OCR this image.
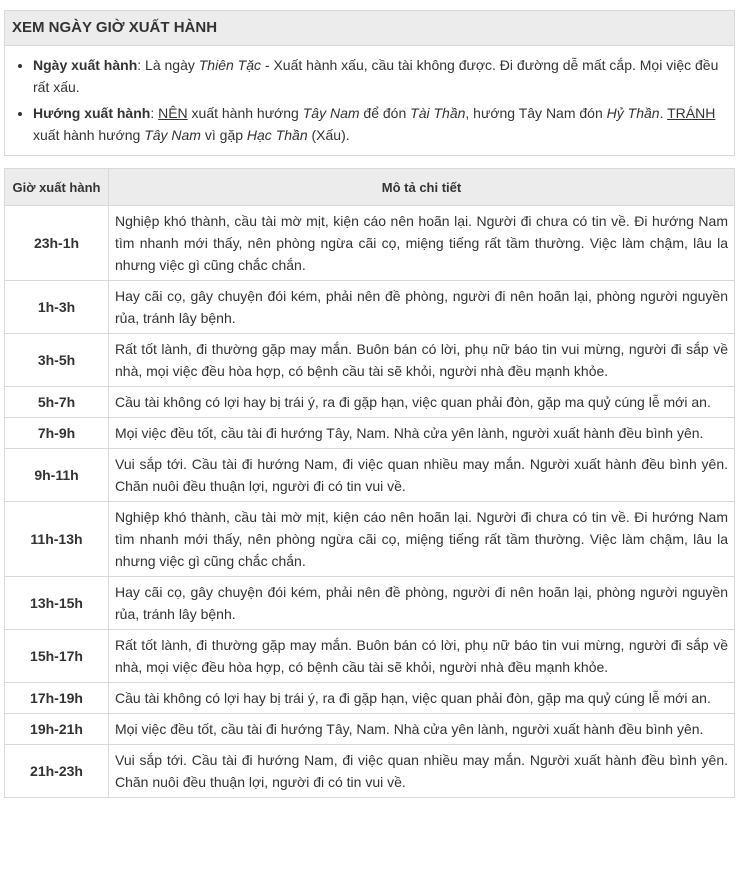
XEM NGÀY GIỜ XUẤT HÀNH
• Ngày xuất hành: Là ngày Thiên Tặc - Xuất hành xấu, cầu tài không được. Đi đường dễ mất cắp. Mọi việc đều rất xấu.
• Hướng xuất hành: NÊN xuất hành hướng Tây Nam để đón Tài Thần, hướng Tây Nam đón Hỷ Thần. TRÁNH xuất hành hướng Tây Nam vì gặp Hạc Thần (Xấu).
Giờ xuất hành	Mô tả chi tiết
23h-1h	Nghiệp khó thành, cầu tài mờ mịt, kiện cáo nên hoãn lại. Người đi chưa có tin về. Đi hướng Nam tìm nhanh mới thấy, nên phòng ngừa cãi cọ, miệng tiếng rất tầm thường. Việc làm chậm, lâu la nhưng việc gì cũng chắc chắn.
1h-3h	Hay cãi cọ, gây chuyện đói kém, phải nên đề phòng, người đi nên hoãn lại, phòng người nguyền rủa, tránh lây bệnh.
3h-5h	Rất tốt lành, đi thường gặp may mắn. Buôn bán có lời, phụ nữ báo tin vui mừng, người đi sắp về nhà, mọi việc đều hòa hợp, có bệnh cầu tài sẽ khỏi, người nhà đều mạnh khỏe.
5h-7h	Cầu tài không có lợi hay bị trái ý, ra đi gặp hạn, việc quan phải đòn, gặp ma quỷ cúng lễ mới an.
7h-9h	Mọi việc đều tốt, cầu tài đi hướng Tây, Nam. Nhà cửa yên lành, người xuất hành đều bình yên.
9h-11h	Vui sắp tới. Cầu tài đi hướng Nam, đi việc quan nhiều may mắn. Người xuất hành đều bình yên. Chăn nuôi đều thuận lợi, người đi có tin vui về.
11h-13h	Nghiệp khó thành, cầu tài mờ mịt, kiện cáo nên hoãn lại. Người đi chưa có tin về. Đi hướng Nam tìm nhanh mới thấy, nên phòng ngừa cãi cọ, miệng tiếng rất tầm thường. Việc làm chậm, lâu la nhưng việc gì cũng chắc chắn.
13h-15h	Hay cãi cọ, gây chuyện đói kém, phải nên đề phòng, người đi nên hoãn lại, phòng người nguyền rủa, tránh lây bệnh.
15h-17h	Rất tốt lành, đi thường gặp may mắn. Buôn bán có lời, phụ nữ báo tin vui mừng, người đi sắp về nhà, mọi việc đều hòa hợp, có bệnh cầu tài sẽ khỏi, người nhà đều mạnh khỏe.
17h-19h	Cầu tài không có lợi hay bị trái ý, ra đi gặp hạn, việc quan phải đòn, gặp ma quỷ cúng lễ mới an.
19h-21h	Mọi việc đều tốt, cầu tài đi hướng Tây, Nam. Nhà cửa yên lành, người xuất hành đều bình yên.
21h-23h	Vui sắp tới. Cầu tài đi hướng Nam, đi việc quan nhiều may mắn. Người xuất hành đều bình yên. Chăn nuôi đều thuận lợi, người đi có tin vui về.
